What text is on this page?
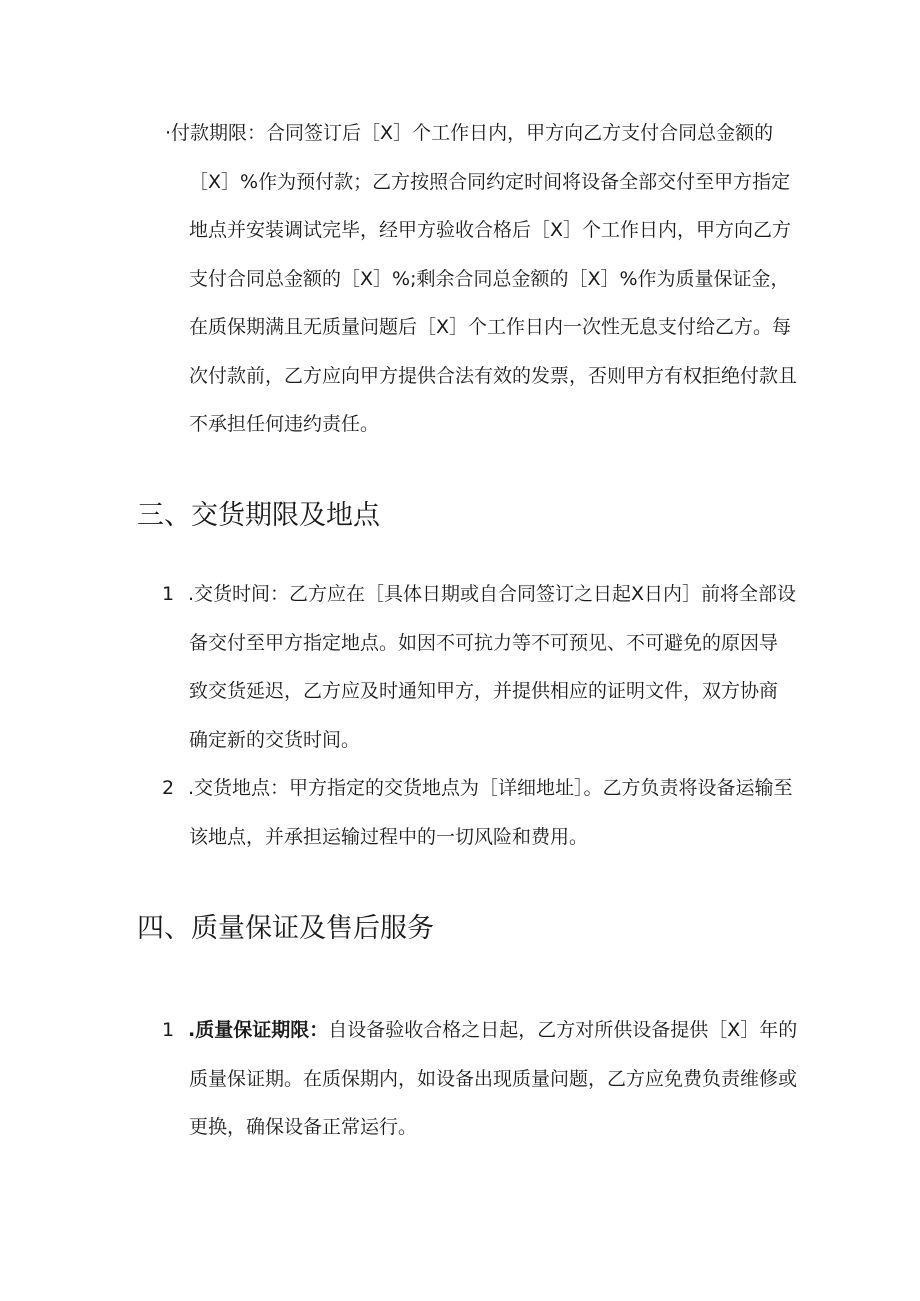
·付款期限：合同签订后［X］个工作日内，甲方向乙方支付合同总金额的
［X］%作为预付款；乙方按照合同约定时间将设备全部交付至甲方指定
地点并安装调试完毕，经甲方验收合格后［X］个工作日内，甲方向乙方
支付合同总金额的［X］%;剩余合同总金额的［X］%作为质量保证金，
在质保期满且无质量问题后［X］个工作日内一次性无息支付给乙方。每
次付款前，乙方应向甲方提供合法有效的发票，否则甲方有权拒绝付款且
不承担任何违约责任。
三、交货期限及地点
1 .交货时间：乙方应在［具体日期或自合同签订之日起X日内］前将全部设
备交付至甲方指定地点。如因不可抗力等不可预见、不可避免的原因导
致交货延迟，乙方应及时通知甲方，并提供相应的证明文件，双方协商
确定新的交货时间。
2 .交货地点：甲方指定的交货地点为［详细地址］。乙方负责将设备运输至
该地点，并承担运输过程中的一切风险和费用。
四、质量保证及售后服务
1 .质量保证期限：自设备验收合格之日起，乙方对所供设备提供［X］年的
质量保证期。在质保期内，如设备出现质量问题，乙方应免费负责维修或
更换，确保设备正常运行。
